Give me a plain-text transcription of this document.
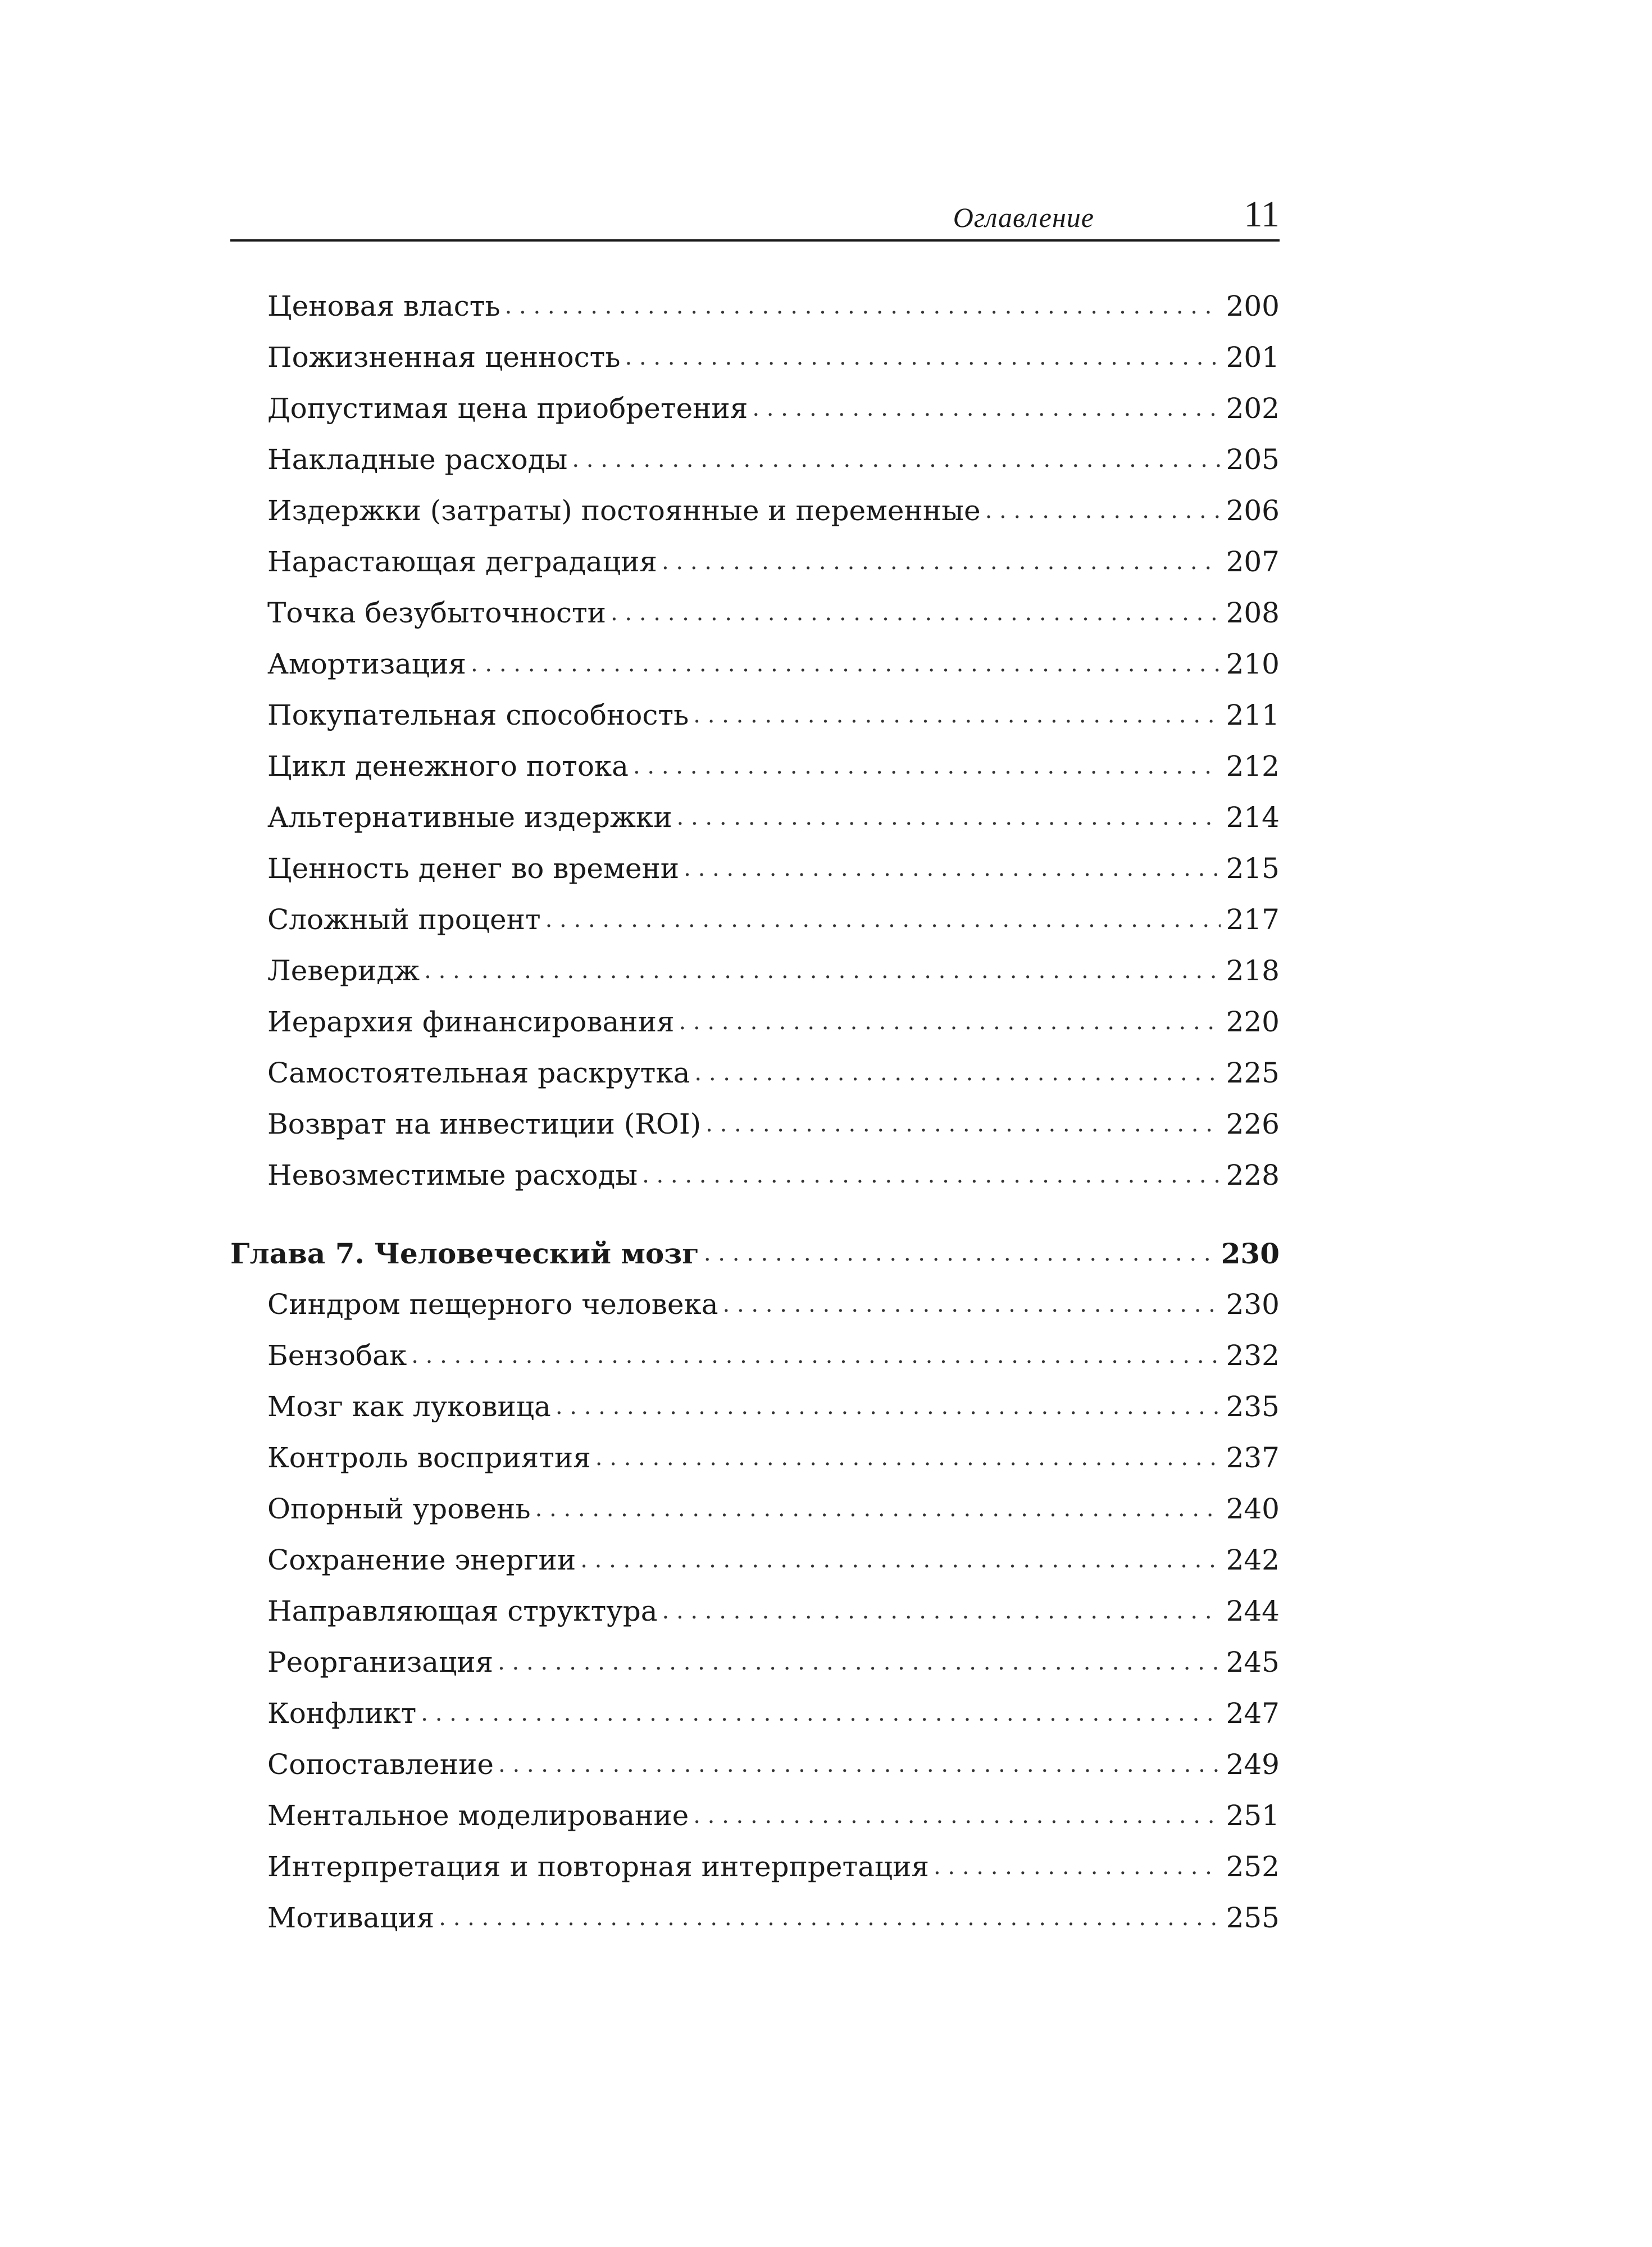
Оглавление	11
Ценовая власть . . .	200
Пожизненная ценность . . .	201
Допустимая цена приобретения . . .	202
Накладные расходы . . .	205
Издержки (затраты) постоянные и переменные . . .	206
Нарастающая деградация . . .	207
Точка безубыточности . . .	208
Амортизация . . .	210
Покупательная способность . . .	211
Цикл денежного потока . . .	212
Альтернативные издержки . . .	214
Ценность денег во времени . . .	215
Сложный процент . . .	217
Леверидж . . .	218
Иерархия финансирования . . .	220
Самостоятельная раскрутка . . .	225
Возврат на инвестиции (ROI) . . .	226
Невозместимые расходы . . .	228
Глава 7. Человеческий мозг . . .	230
Синдром пещерного человека . . .	230
Бензобак . . .	232
Мозг как луковица . . .	235
Контроль восприятия . . .	237
Опорный уровень . . .	240
Сохранение энергии . . .	242
Направляющая структура . . .	244
Реорганизация . . .	245
Конфликт . . .	247
Сопоставление . . .	249
Ментальное моделирование . . .	251
Интерпретация и повторная интерпретация . . .	252
Мотивация . . .	255
